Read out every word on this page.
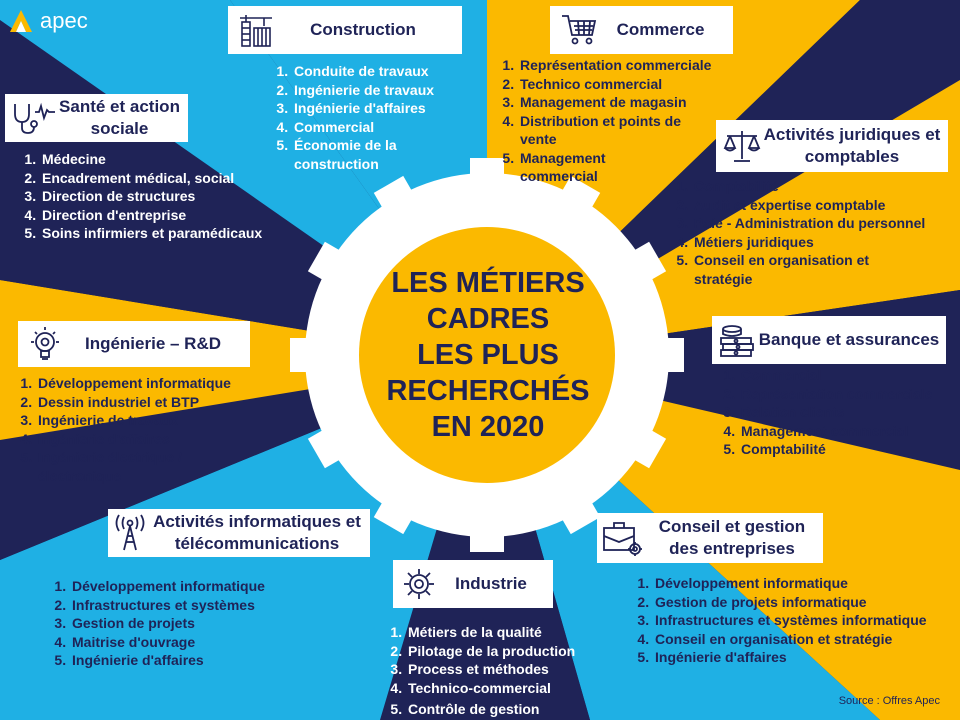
apec
LES MÉTIERS
CADRES
LES PLUS
RECHERCHÉS
EN 2020
Construction
1. Conduite de travaux
2. Ingénierie de travaux
3. Ingénierie d'affaires
4. Commercial
5. Économie de la construction
Commerce
1. Représentation commerciale
2. Technico commercial
3. Management de magasin
4. Distribution et points de vente
5. Management commercial
Santé et action sociale
1. Médecine
2. Encadrement médical, social
3. Direction de structures
4. Direction d'entreprise
5. Soins infirmiers et paramédicaux
Activités juridiques et comptables
1. Comptabilité
2. Audit et expertise comptable
3. Paie - Administration du personnel
4. Métiers juridiques
5. Conseil en organisation et stratégie
Ingénierie – R&D
1. Développement informatique
2. Dessin industriel et BTP
3. Ingénierie de travaux
4. Ingénierie d'affaires
5. Ingénierie électrique / électronique
Banque et assurances
1. Commercial
2. Représentation commerciale
3. Relation clients
4. Management commercial
5. Comptabilité
Activités informatiques et télécommunications
1. Développement informatique
2. Infrastructures et systèmes
3. Gestion de projets
4. Maitrise d'ouvrage
5. Ingénierie d'affaires
Industrie
1. Métiers de la qualité
2. Pilotage de la production
3. Process et méthodes
4. Technico-commercial
5. Contrôle de gestion
Conseil et gestion des entreprises
1. Développement informatique
2. Gestion de projets informatique
3. Infrastructures et systèmes informatique
4. Conseil en organisation et stratégie
5. Ingénierie d'affaires
Source : Offres Apec
